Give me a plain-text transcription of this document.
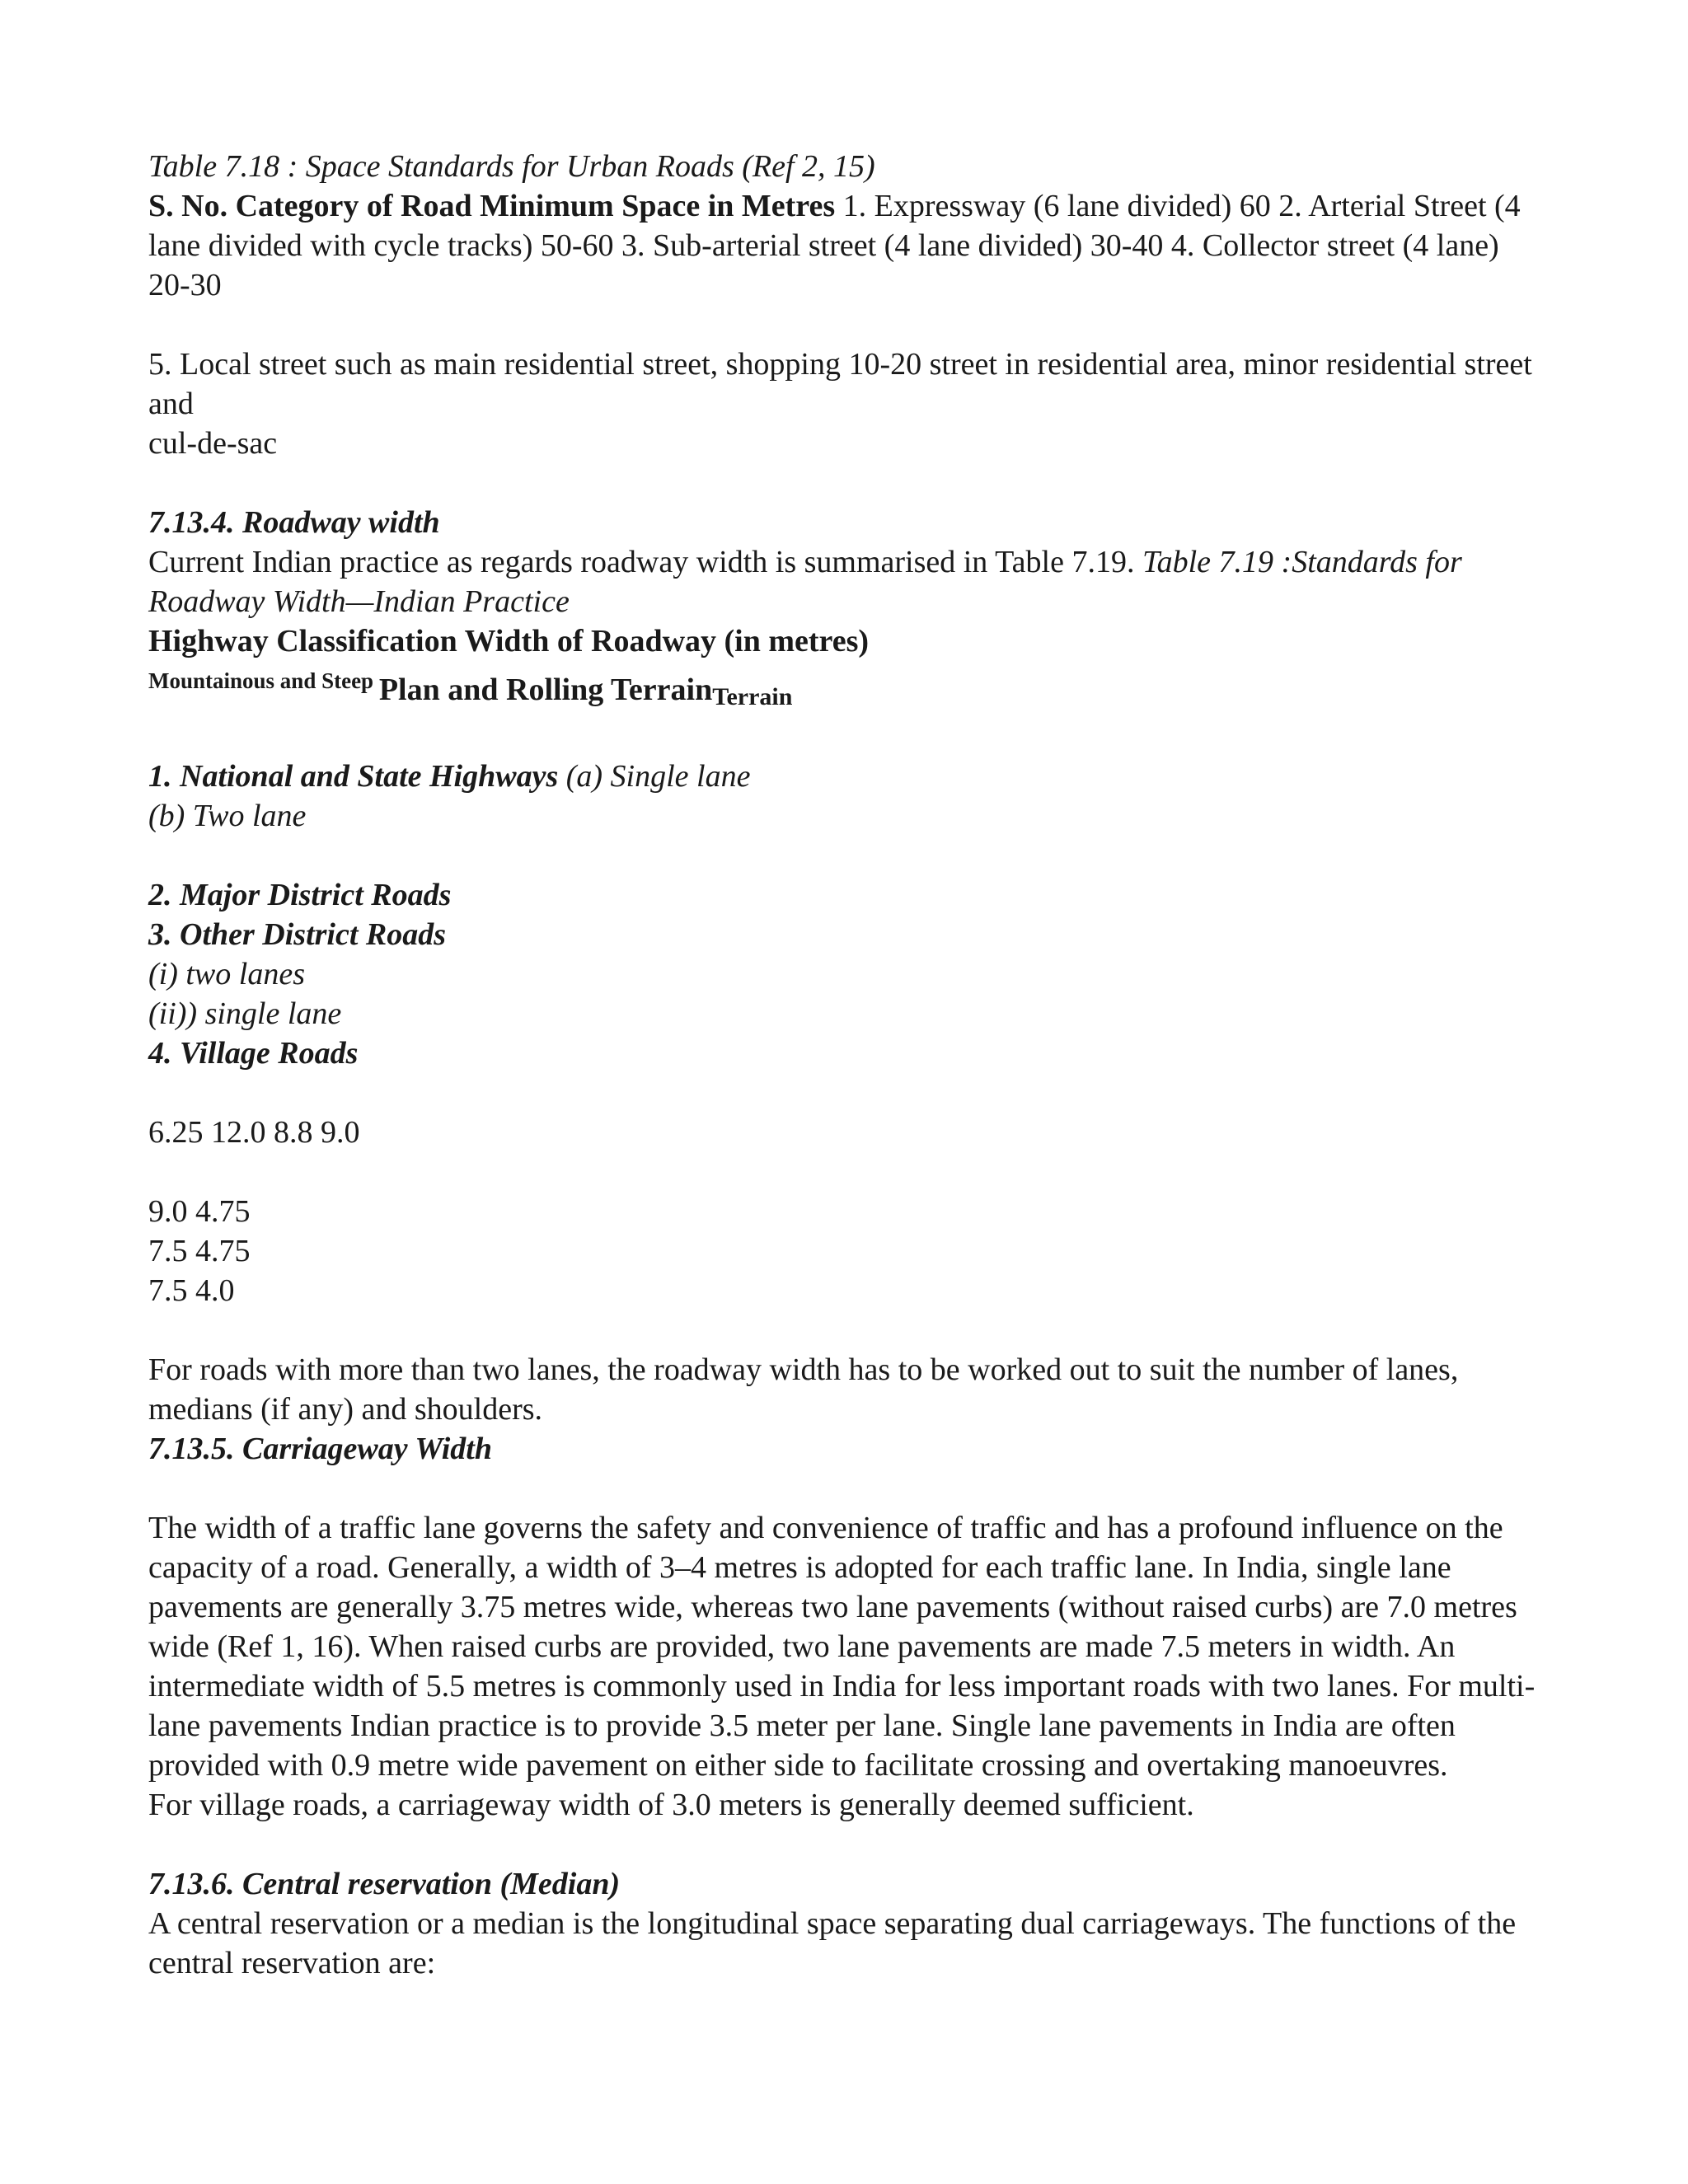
Table 7.18 : Space Standards for Urban Roads (Ref 2, 15)

S. No. Category of Road Minimum Space in Metres 1. Expressway (6 lane divided) 60 2. Arterial Street (4 lane divided with cycle tracks) 50-60 3. Sub-arterial street (4 lane divided) 30-40 4. Collector street (4 lane) 20-30

5. Local street such as main residential street, shopping 10-20 street in residential area, minor residential street and

cul-de-sac

7.13.4. Roadway width

Current Indian practice as regards roadway width is summarised in Table 7.19. Table 7.19 :Standards for Roadway Width—Indian Practice

Highway Classification Width of Roadway (in metres)

$^{Mountainous and Steep}$ Plan and Rolling TerrainTerrain

1. National and State Highways (a) Single lane

(b) Two lane

2. Major District Roads

3. Other District Roads

(i) two lanes

(ii)) single lane

4. Village Roads

6.25 12.0 8.8 9.0

9.0 4.75

7.5 4.75

7.5 4.0

For roads with more than two lanes, the roadway width has to be worked out to suit the number of lanes, medians (if any) and shoulders.

7.13.5. Carriageway Width

The width of a traffic lane governs the safety and convenience of traffic and has a profound influence on the capacity of a road. Generally, a width of 3–4 metres is adopted for each traffic lane. In India, single lane pavements are generally 3.75 metres wide, whereas two lane pavements (without raised curbs) are 7.0 metres wide (Ref 1, 16). When raised curbs are provided, two lane pavements are made 7.5 meters in width. An intermediate width of 5.5 metres is commonly used in India for less important roads with two lanes. For multi-lane pavements Indian practice is to provide 3.5 meter per lane. Single lane pavements in India are often provided with 0.9 metre wide pavement on either side to facilitate crossing and overtaking manoeuvres.

For village roads, a carriageway width of 3.0 meters is generally deemed sufficient.

7.13.6. Central reservation (Median)

A central reservation or a median is the longitudinal space separating dual carriageways. The functions of the central reservation are:
